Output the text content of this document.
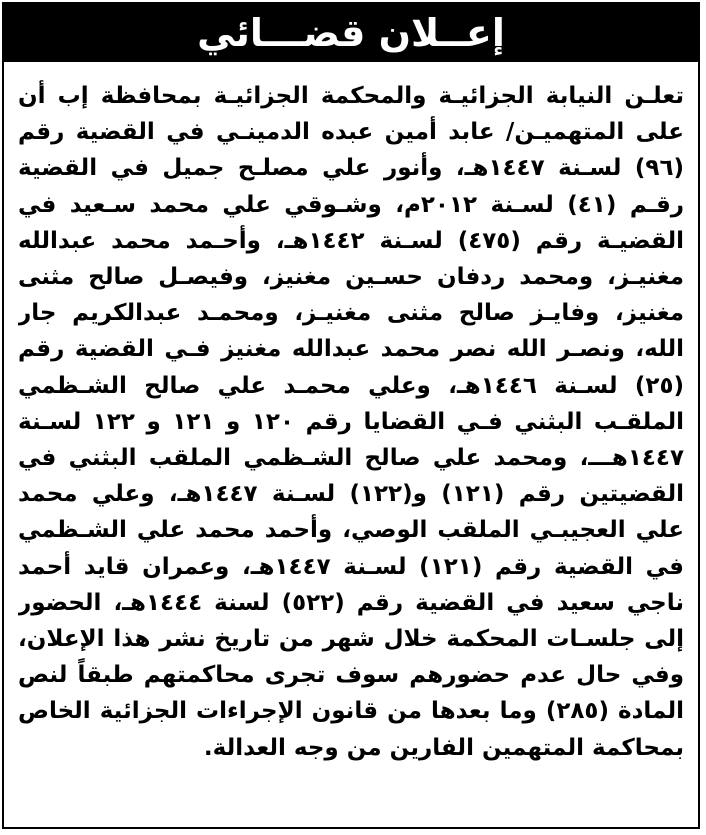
إعــلان قضـــائي
تعلـن النيابة الجزائيـة والمحكمة الجزائيـة بمحافظة إب أن
على المتهميـن/ عابد أمين عبده الدمينـي في القضية رقم
(٩٦) لسـنة ١٤٤٧هـ، وأنور علي مصلـح جميل في القضية
رقـم (٤١) لسـنة ٢٠١٢م، وشـوقي علي محمد سـعيد في
القضيـة رقم (٤٧٥) لسـنة ١٤٤٢هـ، وأحـمد محمد عبدالله
مغنيـز، ومحمد ردفان حسـين مغنيز، وفيصـل صالح مثنى
مغنيز، وفايـز صالح مثنى مغنيـز، ومحمـد عبدالكريم جار
الله، ونصـر الله نصر محمد عبدالله مغنيز فـي القضية رقم
(٢٥) لسـنة ١٤٤٦هـ، وعلي محمـد علي صالح الشـظمي
الملقـب البثني فـي القضايا رقم ١٢٠ و ١٢١ و ١٢٢ لسـنة
١٤٤٧هـــ، ومحمد علي صالح الشـظمي الملقب البثني في
القضيتين رقم (١٢١) و(١٢٢) لسـنة ١٤٤٧هـ، وعلي محمد
علي العجيبـي الملقب الوصي، وأحمد محمد علي الشـظمي
في القضية رقم (١٢١) لسـنة ١٤٤٧هـ، وعمران قايد أحمد
ناجي سعيد في القضية رقم (٥٢٢) لسنة ١٤٤٤هـ، الحضور
إلى جلسـات المحكمة خلال شهر من تاريخ نشر هذا الإعلان،
وفي حال عدم حضورهم سوف تجرى محاكمتهم طبقاً لنص
المادة (٢٨٥) وما بعدها من قانون الإجراءات الجزائية الخاص
بمحاكمة المتهمين الفارين من وجه العدالة.
